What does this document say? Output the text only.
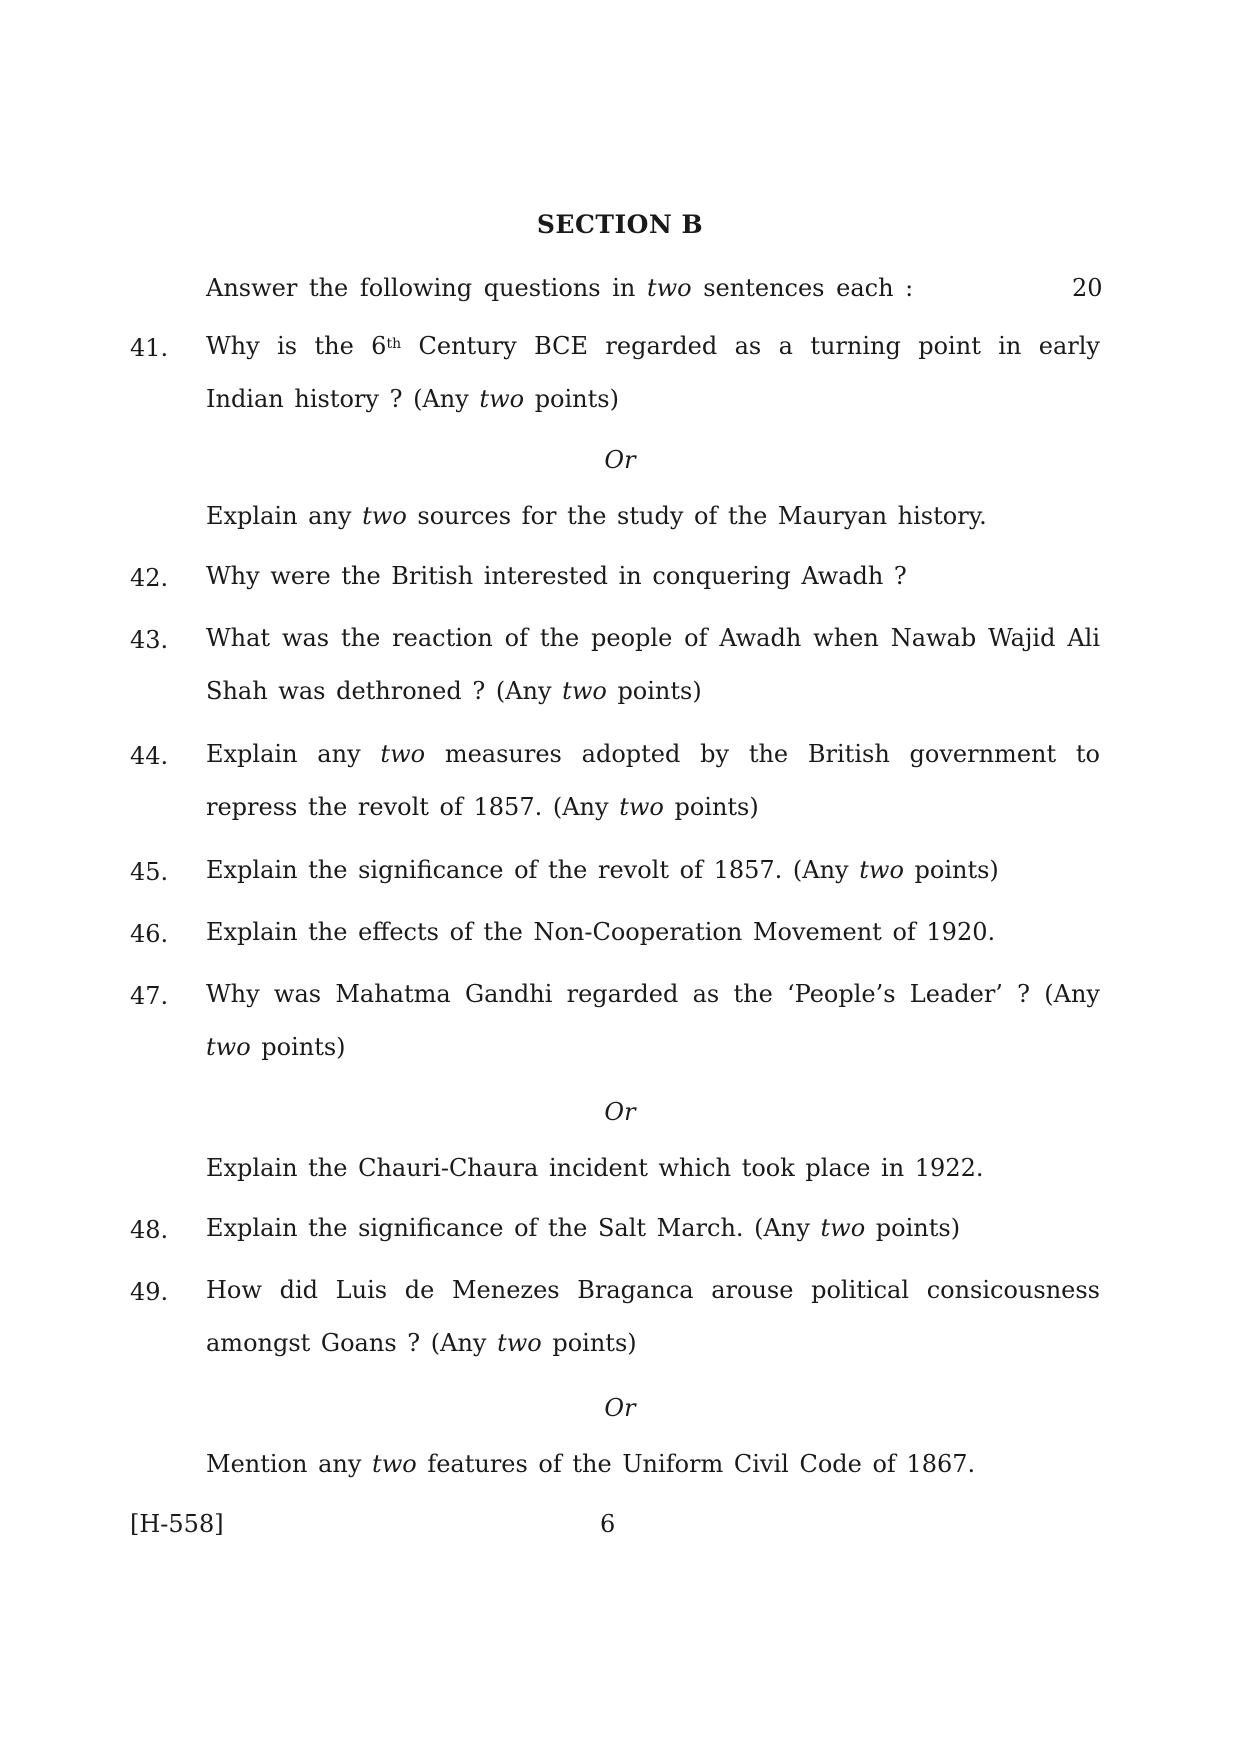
SECTION B
Answer the following questions in two sentences each :	20
41. Why is the 6th Century BCE regarded as a turning point in early Indian history ? (Any two points)
Or
Explain any two sources for the study of the Mauryan history.
42. Why were the British interested in conquering Awadh ?
43. What was the reaction of the people of Awadh when Nawab Wajid Ali Shah was dethroned ? (Any two points)
44. Explain any two measures adopted by the British government to repress the revolt of 1857. (Any two points)
45. Explain the significance of the revolt of 1857. (Any two points)
46. Explain the effects of the Non-Cooperation Movement of 1920.
47. Why was Mahatma Gandhi regarded as the ‘People’s Leader’ ? (Any two points)
Or
Explain the Chauri-Chaura incident which took place in 1922.
48. Explain the significance of the Salt March. (Any two points)
49. How did Luis de Menezes Braganca arouse political consicousness amongst Goans ? (Any two points)
Or
Mention any two features of the Uniform Civil Code of 1867.
[H-558]	6
